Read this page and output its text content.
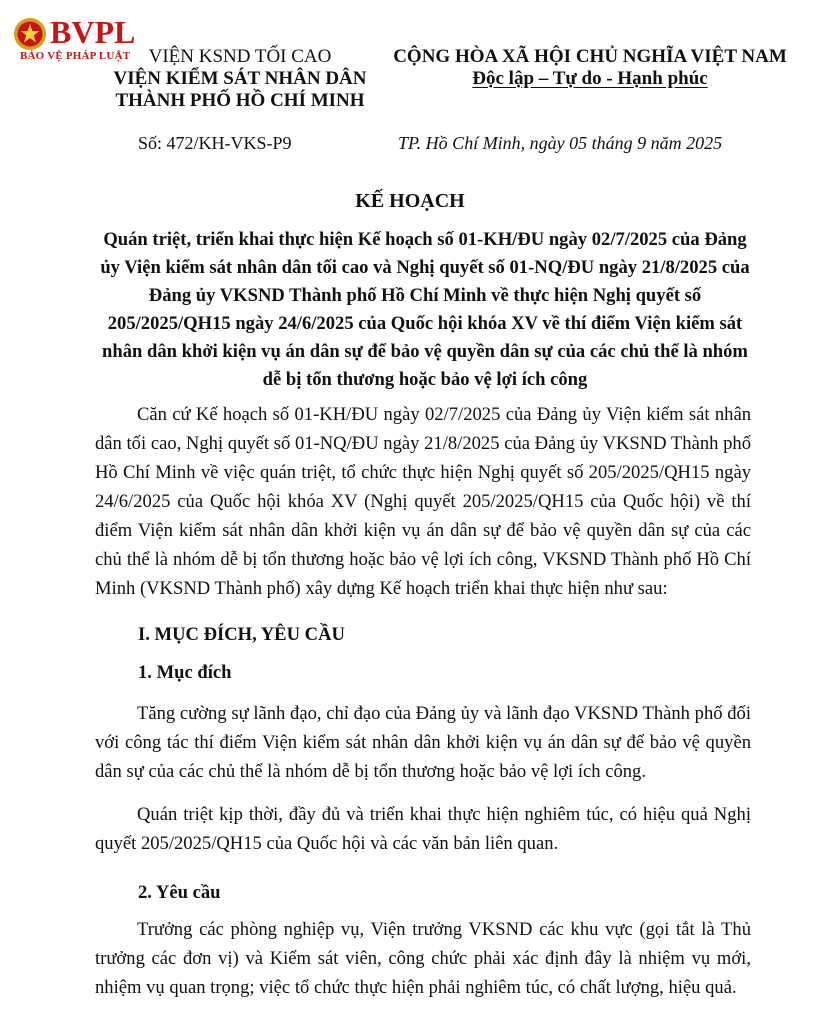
BVPL
BẢO VỆ PHÁP LUẬT VIỆN KSND TỐI CAO
VIỆN KIỂM SÁT NHÂN DÂN
THÀNH PHỐ HỒ CHÍ MINH
CỘNG HÒA XÃ HỘI CHỦ NGHĨA VIỆT NAM
Độc lập – Tự do - Hạnh phúc
Số: 472/KH-VKS-P9	TP. Hồ Chí Minh, ngày 05 tháng 9 năm 2025
KẾ HOẠCH
Quán triệt, triển khai thực hiện Kế hoạch số 01-KH/ĐU ngày 02/7/2025 của Đảng ủy Viện kiểm sát nhân dân tối cao và Nghị quyết số 01-NQ/ĐU ngày 21/8/2025 của Đảng ủy VKSND Thành phố Hồ Chí Minh về thực hiện Nghị quyết số 205/2025/QH15 ngày 24/6/2025 của Quốc hội khóa XV về thí điểm Viện kiểm sát nhân dân khởi kiện vụ án dân sự để bảo vệ quyền dân sự của các chủ thể là nhóm dễ bị tổn thương hoặc bảo vệ lợi ích công

Căn cứ Kế hoạch số 01-KH/ĐU ngày 02/7/2025 của Đảng ủy Viện kiểm sát nhân dân tối cao, Nghị quyết số 01-NQ/ĐU ngày 21/8/2025 của Đảng ủy VKSND Thành phố Hồ Chí Minh về việc quán triệt, tổ chức thực hiện Nghị quyết số 205/2025/QH15 ngày 24/6/2025 của Quốc hội khóa XV (Nghị quyết 205/2025/QH15 của Quốc hội) về thí điểm Viện kiểm sát nhân dân khởi kiện vụ án dân sự để bảo vệ quyền dân sự của các chủ thể là nhóm dễ bị tổn thương hoặc bảo vệ lợi ích công, VKSND Thành phố Hồ Chí Minh (VKSND Thành phố) xây dựng Kế hoạch triển khai thực hiện như sau:

I. MỤC ĐÍCH, YÊU CẦU
1. Mục đích

Tăng cường sự lãnh đạo, chỉ đạo của Đảng ủy và lãnh đạo VKSND Thành phố đối với công tác thí điểm Viện kiểm sát nhân dân khởi kiện vụ án dân sự để bảo vệ quyền dân sự của các chủ thể là nhóm dễ bị tổn thương hoặc bảo vệ lợi ích công.

Quán triệt kịp thời, đầy đủ và triển khai thực hiện nghiêm túc, có hiệu quả Nghị quyết 205/2025/QH15 của Quốc hội và các văn bản liên quan.

2. Yêu cầu

Trưởng các phòng nghiệp vụ, Viện trưởng VKSND các khu vực (gọi tắt là Thủ trưởng các đơn vị) và Kiểm sát viên, công chức phải xác định đây là nhiệm vụ mới, nhiệm vụ quan trọng; việc tổ chức thực hiện phải nghiêm túc, có chất lượng, hiệu quả.
